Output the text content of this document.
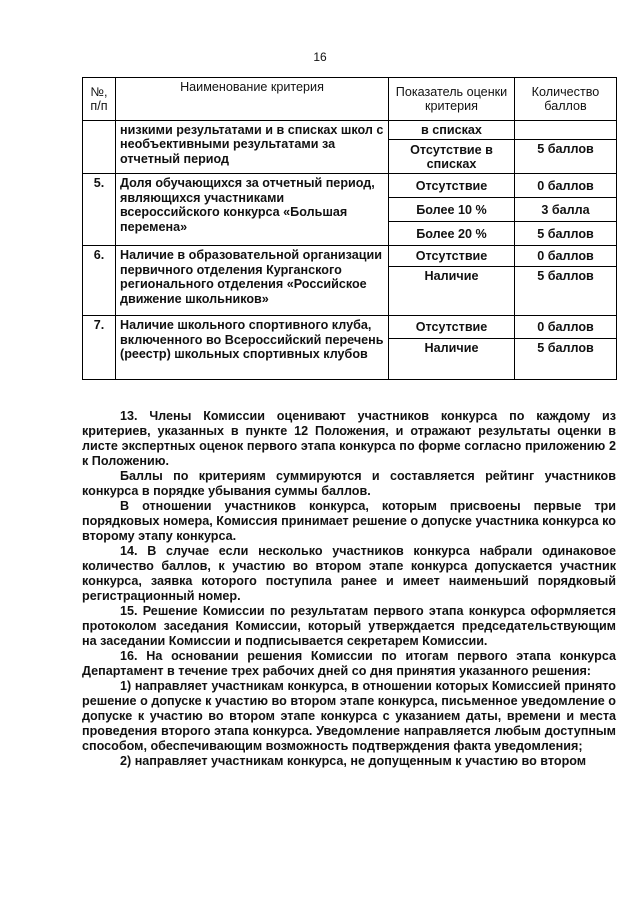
16
№, п/п	Наименование критерия	Показатель оценки критерия	Количество баллов
	низкими результатами и в списках школ с необъективными результатами за отчетный период	в списках	
		Отсутствие в списках	5 баллов
5.	Доля обучающихся за отчетный период, являющихся участниками всероссийского конкурса «Большая перемена»	Отсутствие	0 баллов
		Более 10 %	3 балла
		Более 20 %	5 баллов
6.	Наличие в образовательной организации первичного отделения Курганского регионального отделения «Российское движение школьников»	Отсутствие	0 баллов
		Наличие	5 баллов
7.	Наличие школьного спортивного клуба, включенного во Всероссийский перечень (реестр) школьных спортивных клубов	Отсутствие	0 баллов
		Наличие	5 баллов

13. Члены Комиссии оценивают участников конкурса по каждому из критериев, указанных в пункте 12 Положения, и отражают результаты оценки в листе экспертных оценок первого этапа конкурса по форме согласно приложению 2 к Положению.

Баллы по критериям суммируются и составляется рейтинг участников конкурса в порядке убывания суммы баллов.

В отношении участников конкурса, которым присвоены первые три порядковых номера, Комиссия принимает решение о допуске участника конкурса ко второму этапу конкурса.

14. В случае если несколько участников конкурса набрали одинаковое количество баллов, к участию во втором этапе конкурса допускается участник конкурса, заявка которого поступила ранее и имеет наименьший порядковый регистрационный номер.

15. Решение Комиссии по результатам первого этапа конкурса оформляется протоколом заседания Комиссии, который утверждается председательствующим на заседании Комиссии и подписывается секретарем Комиссии.

16. На основании решения Комиссии по итогам первого этапа конкурса Департамент в течение трех рабочих дней со дня принятия указанного решения:

1) направляет участникам конкурса, в отношении которых Комиссией принято решение о допуске к участию во втором этапе конкурса, письменное уведомление о допуске к участию во втором этапе конкурса с указанием даты, времени и места проведения второго этапа конкурса. Уведомление направляется любым доступным способом, обеспечивающим возможность подтверждения факта уведомления;

2) направляет участникам конкурса, не допущенным к участию во втором
